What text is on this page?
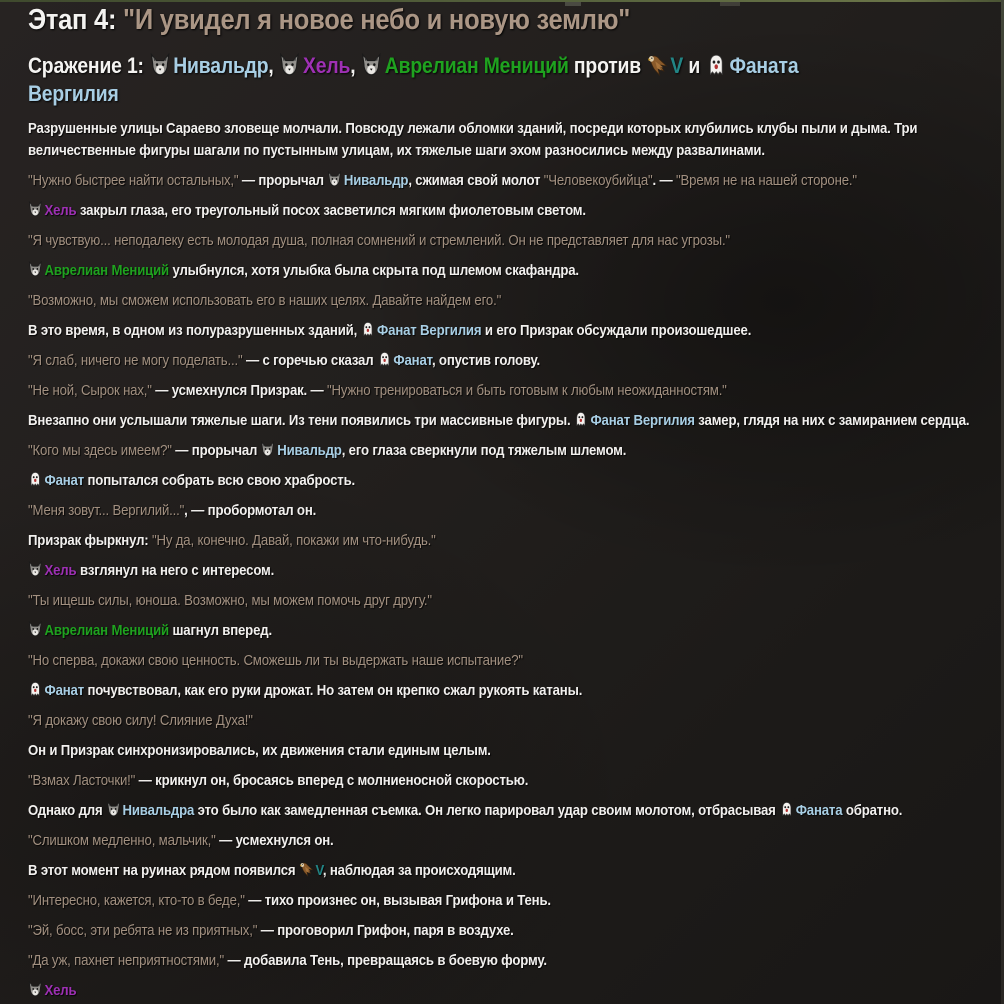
Этап 4: "И увидел я новое небо и новую землю"
Сражение 1:
Нивальдр,
Хель,
Аврелиан Мениций против
V и
Фаната Вергилия

Разрушенные улицы Сараево зловеще молчали. Повсюду лежали обломки зданий, посреди которых клубились клубы пыли и дыма. Три величественные фигуры шагали по пустынным улицам, их тяжелые шаги эхом разносились между развалинами.

"Нужно быстрее найти остальных," — прорычал
Нивальдр, сжимая свой молот "Человекоубийца". — "Время не на нашей стороне."

Хель закрыл глаза, его треугольный посох засветился мягким фиолетовым светом.

"Я чувствую... неподалеку есть молодая душа, полная сомнений и стремлений. Он не представляет для нас угрозы."

Аврелиан Мениций улыбнулся, хотя улыбка была скрыта под шлемом скафандра.

"Возможно, мы сможем использовать его в наших целях. Давайте найдем его."

В это время, в одном из полуразрушенных зданий,
Фанат Вергилия и его Призрак обсуждали произошедшее.

"Я слаб, ничего не могу поделать..." — с горечью сказал
Фанат, опустив голову.

"Не ной, Сырок нах," — усмехнулся Призрак. — "Нужно тренироваться и быть готовым к любым неожиданностям."

Внезапно они услышали тяжелые шаги. Из тени появились три массивные фигуры.
Фанат Вергилия замер, глядя на них с замиранием сердца.

"Кого мы здесь имеем?" — прорычал
Нивальдр, его глаза сверкнули под тяжелым шлемом.

Фанат попытался собрать всю свою храбрость.

"Меня зовут... Вергилий...", — пробормотал он.

Призрак фыркнул: "Ну да, конечно. Давай, покажи им что-нибудь."

Хель взглянул на него с интересом.

"Ты ищешь силы, юноша. Возможно, мы можем помочь друг другу."

Аврелиан Мениций шагнул вперед.

"Но сперва, докажи свою ценность. Сможешь ли ты выдержать наше испытание?"

Фанат почувствовал, как его руки дрожат. Но затем он крепко сжал рукоять катаны.

"Я докажу свою силу! Слияние Духа!"

Он и Призрак синхронизировались, их движения стали единым целым.

"Взмах Ласточки!" — крикнул он, бросаясь вперед с молниеносной скоростью.

Однако для
Нивальдра это было как замедленная съемка. Он легко парировал удар своим молотом, отбрасывая
Фаната обратно.

"Слишком медленно, мальчик," — усмехнулся он.

В этот момент на руинах рядом появился
V, наблюдая за происходящим.

"Интересно, кажется, кто-то в беде," — тихо произнес он, вызывая Грифона и Тень.

"Эй, босс, эти ребята не из приятных," — проговорил Грифон, паря в воздухе.

"Да уж, пахнет неприятностями," — добавила Тень, превращаясь в боевую форму.

Хель
